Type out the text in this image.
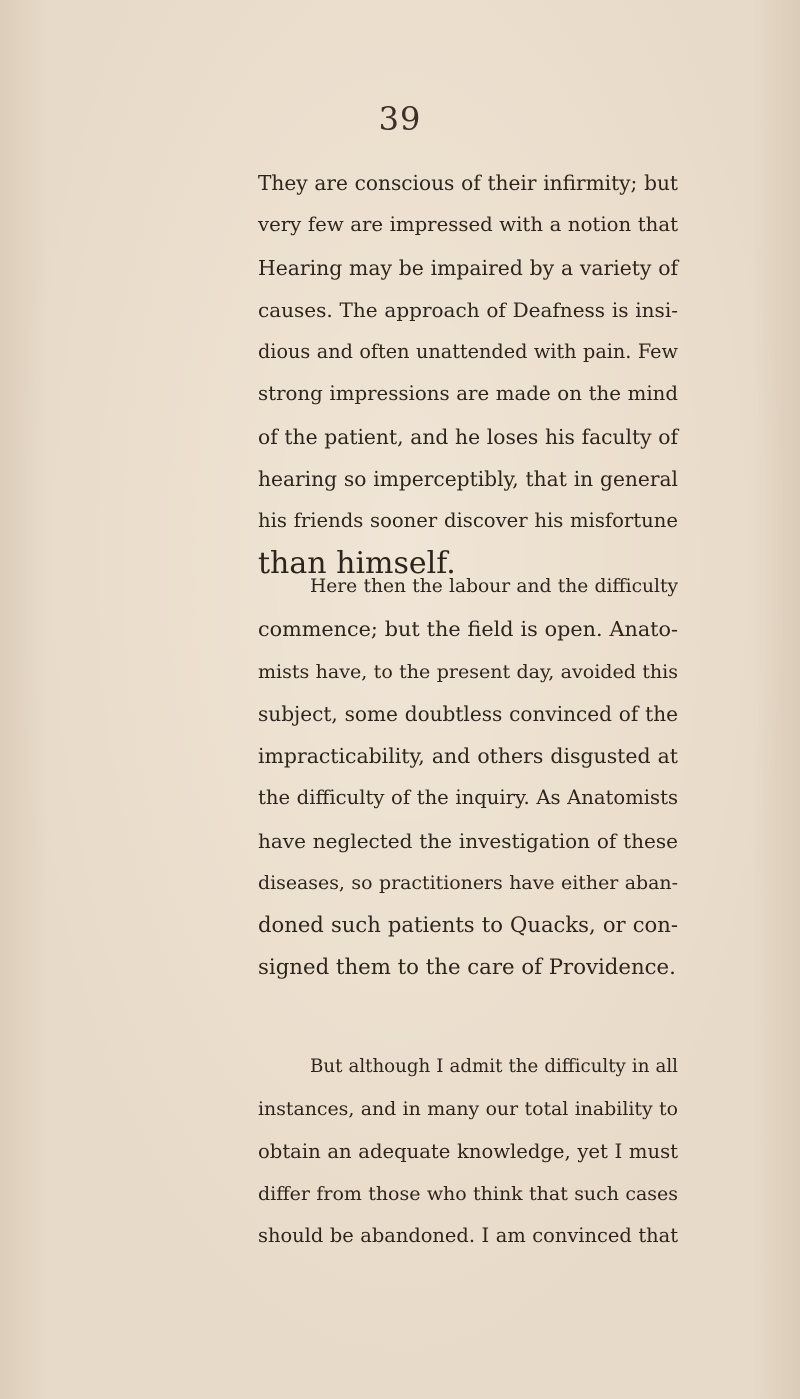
39
They are conscious of their infirmity; but
very few are impressed with a notion that
Hearing may be impaired by a variety of
causes. The approach of Deafness is insi-
dious and often unattended with pain. Few
strong impressions are made on the mind
of the patient, and he loses his faculty of
hearing so imperceptibly, that in general
his friends sooner discover his misfortune
than himself.
Here then the labour and the difficulty
commence; but the field is open. Anato-
mists have, to the present day, avoided this
subject, some doubtless convinced of the
impracticability, and others disgusted at
the difficulty of the inquiry. As Anatomists
have neglected the investigation of these
diseases, so practitioners have either aban-
doned such patients to Quacks, or con-
signed them to the care of Providence.
But although I admit the difficulty in all
instances, and in many our total inability to
obtain an adequate knowledge, yet I must
differ from those who think that such cases
should be abandoned. I am convinced that
